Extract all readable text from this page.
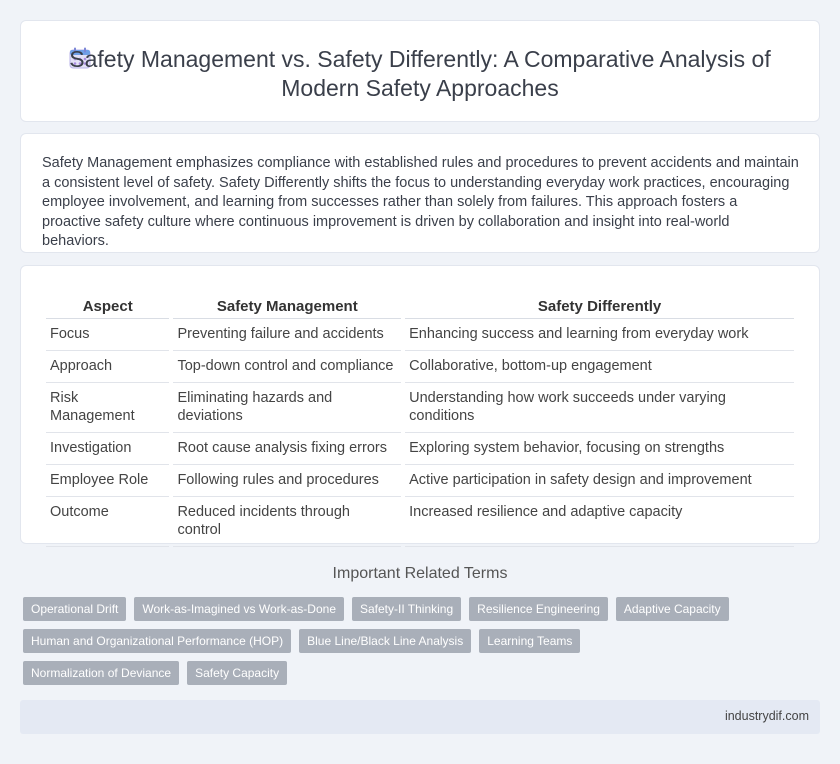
Safety Management vs. Safety Differently: A Comparative Analysis of Modern Safety Approaches

Safety Management emphasizes compliance with established rules and procedures to prevent accidents and maintain a consistent level of safety. Safety Differently shifts the focus to understanding everyday work practices, encouraging employee involvement, and learning from successes rather than solely from failures. This approach fosters a proactive safety culture where continuous improvement is driven by collaboration and insight into real-world behaviors.

Aspect	Safety Management	Safety Differently
Focus	Preventing failure and accidents	Enhancing success and learning from everyday work
Approach	Top-down control and compliance	Collaborative, bottom-up engagement
Risk Management	Eliminating hazards and deviations	Understanding how work succeeds under varying conditions
Investigation	Root cause analysis fixing errors	Exploring system behavior, focusing on strengths
Employee Role	Following rules and procedures	Active participation in safety design and improvement
Outcome	Reduced incidents through control	Increased resilience and adaptive capacity
Important Related Terms
Operational Drift	Work-as-Imagined vs Work-as-Done	Safety-II Thinking	Resilience Engineering	Adaptive Capacity
Human and Organizational Performance (HOP)	Blue Line/Black Line Analysis	Learning Teams
Normalization of Deviance	Safety Capacity
industrydif.com
